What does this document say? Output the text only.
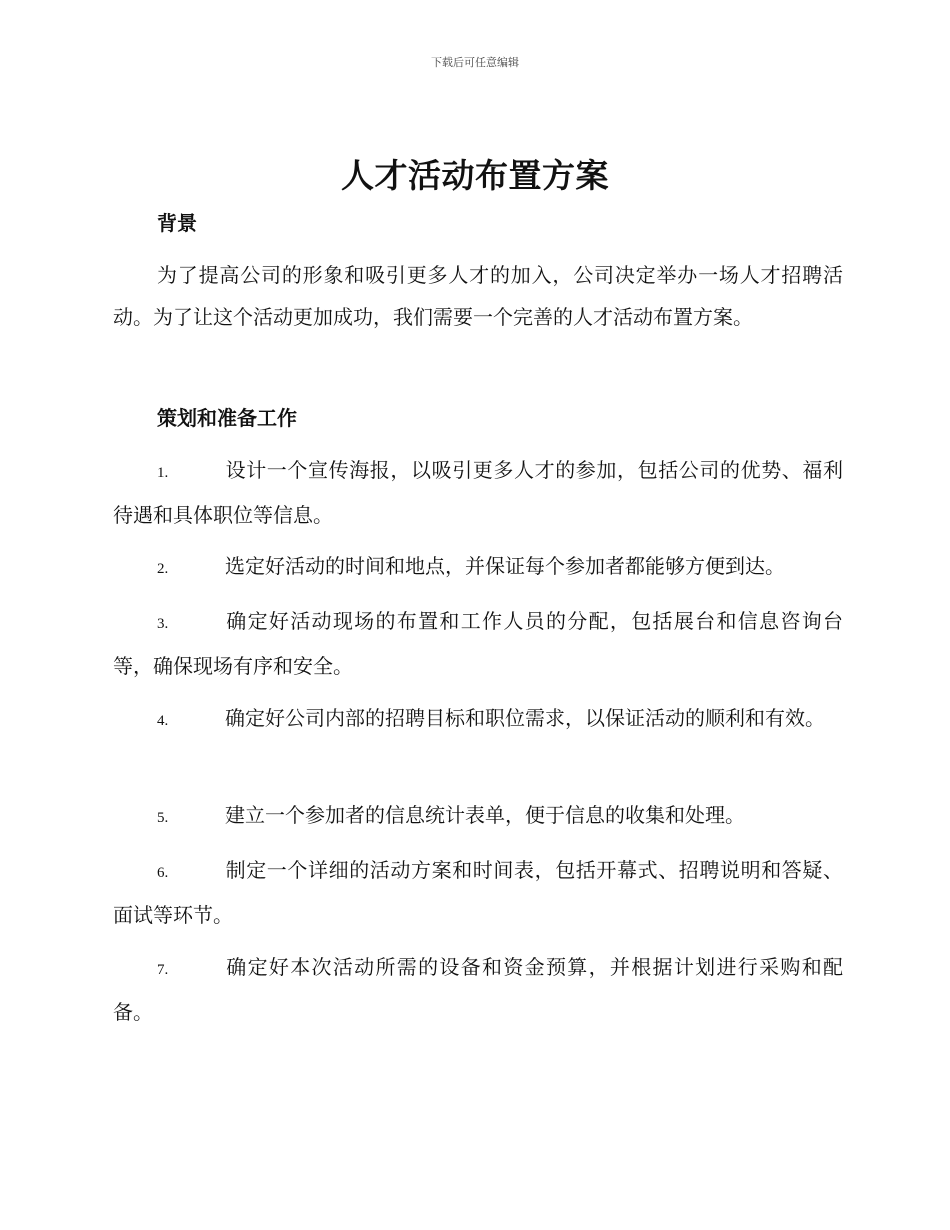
下载后可任意编辑
人才活动布置方案
背景
为了提高公司的形象和吸引更多人才的加入，公司决定举办一场人才招聘活动。为了让这个活动更加成功，我们需要一个完善的人才活动布置方案。
策划和准备工作
1.	设计一个宣传海报，以吸引更多人才的参加，包括公司的优势、福利待遇和具体职位等信息。
2.	选定好活动的时间和地点，并保证每个参加者都能够方便到达。
3.	确定好活动现场的布置和工作人员的分配，包括展台和信息咨询台等，确保现场有序和安全。
4.	确定好公司内部的招聘目标和职位需求，以保证活动的顺利和有效。
5.	建立一个参加者的信息统计表单，便于信息的收集和处理。
6.	制定一个详细的活动方案和时间表，包括开幕式、招聘说明和答疑、面试等环节。
7.	确定好本次活动所需的设备和资金预算，并根据计划进行采购和配备。
